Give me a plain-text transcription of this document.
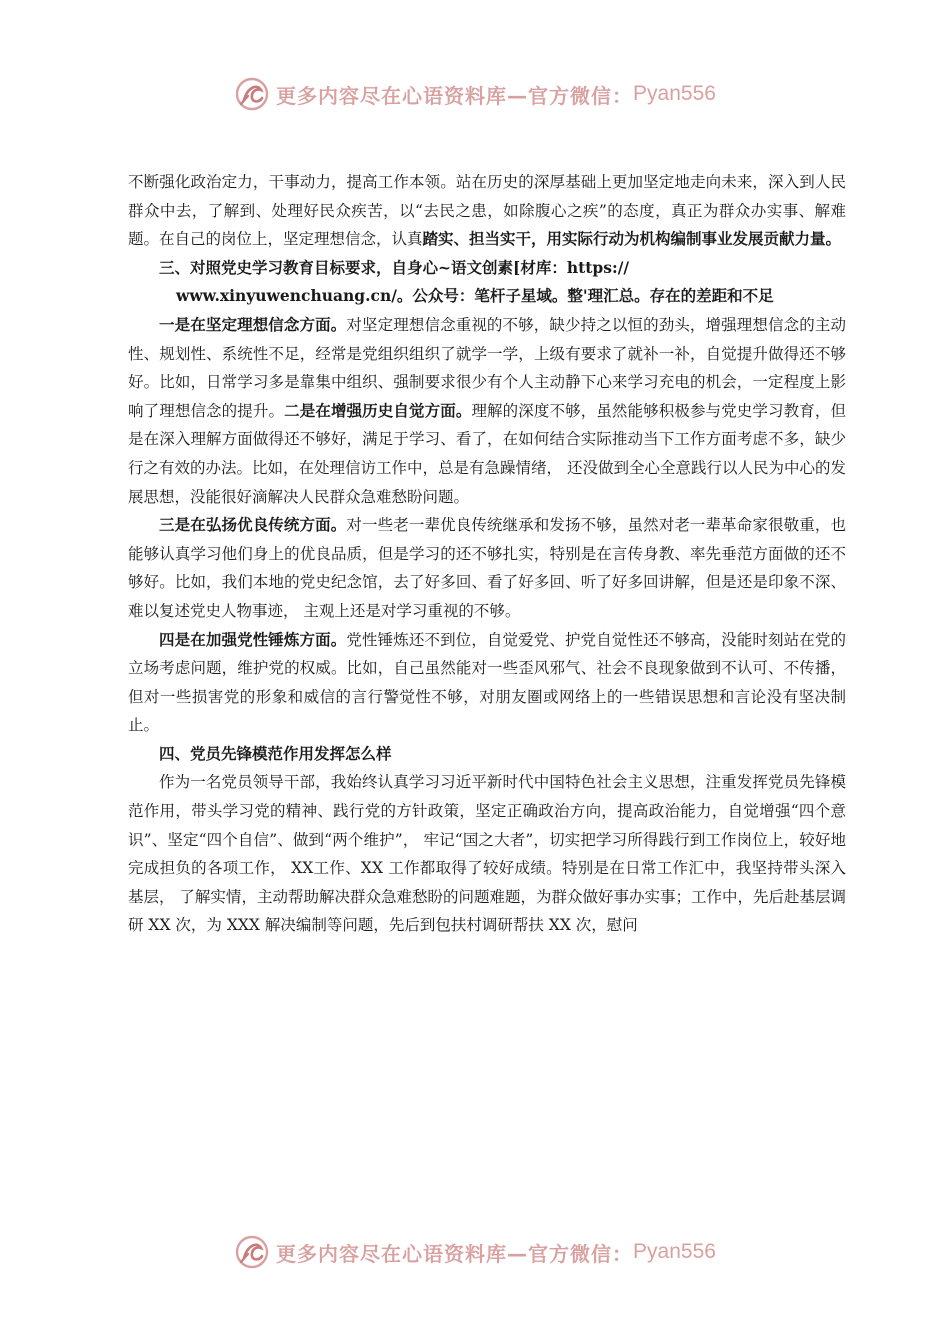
更多内容尽在心语资料库—官方微信： Pyan556

不断强化政治定力，干事动力，提高工作本领。站在历史的深厚基础上更加坚定地走向未来，深入到人民群众中去，了解到、处理好民众疾苦，以“去民之患，如除腹心之疾”的态度，真正为群众办实事、解难题。在自己的岗位上，坚定理想信念，认真踏实、担当实干，用实际行动为机构编制事业发展贡献力量。

三、对照党史学习教育目标要求，自身心~语文创素[材库：https://

www.xinyuwenchuang.cn/。公众号：笔杆子星域。整'理汇总。存在的差距和不足

一是在坚定理想信念方面。对坚定理想信念重视的不够，缺少持之以恒的劲头，增强理想信念的主动性、规划性、系统性不足，经常是党组织组织了就学一学，上级有要求了就补一补，自觉提升做得还不够好。比如，日常学习多是靠集中组织、强制要求很少有个人主动静下心来学习充电的机会，一定程度上影响了理想信念的提升。二是在增强历史自觉方面。理解的深度不够，虽然能够积极参与党史学习教育，但是在深入理解方面做得还不够好，满足于学习、看了，在如何结合实际推动当下工作方面考虑不多，缺少行之有效的办法。比如，在处理信访工作中，总是有急躁情绪， 还没做到全心全意践行以人民为中心的发展思想，没能很好滴解决人民群众急难愁盼问题。

三是在弘扬优良传统方面。对一些老一辈优良传统继承和发扬不够，虽然对老一辈革命家很敬重，也能够认真学习他们身上的优良品质，但是学习的还不够扎实，特别是在言传身教、率先垂范方面做的还不够好。比如，我们本地的党史纪念馆，去了好多回、看了好多回、听了好多回讲解，但是还是印象不深、难以复述党史人物事迹， 主观上还是对学习重视的不够。

四是在加强党性锤炼方面。党性锤炼还不到位，自觉爱党、护党自觉性还不够高，没能时刻站在党的立场考虑问题，维护党的权威。比如，自己虽然能对一些歪风邪气、社会不良现象做到不认可、不传播，但对一些损害党的形象和威信的言行警觉性不够，对朋友圈或网络上的一些错误思想和言论没有坚决制止。

四、党员先锋模范作用发挥怎么样

作为一名党员领导干部，我始终认真学习习近平新时代中国特色社会主义思想，注重发挥党员先锋模范作用，带头学习党的精神、践行党的方针政策，坚定正确政治方向，提高政治能力，自觉增强“四个意识”、坚定“四个自信”、做到“两个维护”， 牢记“国之大者”，切实把学习所得践行到工作岗位上，较好地完成担负的各项工作， XX工作、XX 工作都取得了较好成绩。特别是在日常工作汇中，我坚持带头深入基层， 了解实情，主动帮助解决群众急难愁盼的问题难题，为群众做好事办实事；工作中，先后赴基层调研 XX 次，为 XXX 解决编制等问题，先后到包扶村调研帮扶 XX 次，慰问

更多内容尽在心语资料库—官方微信： Pyan556
